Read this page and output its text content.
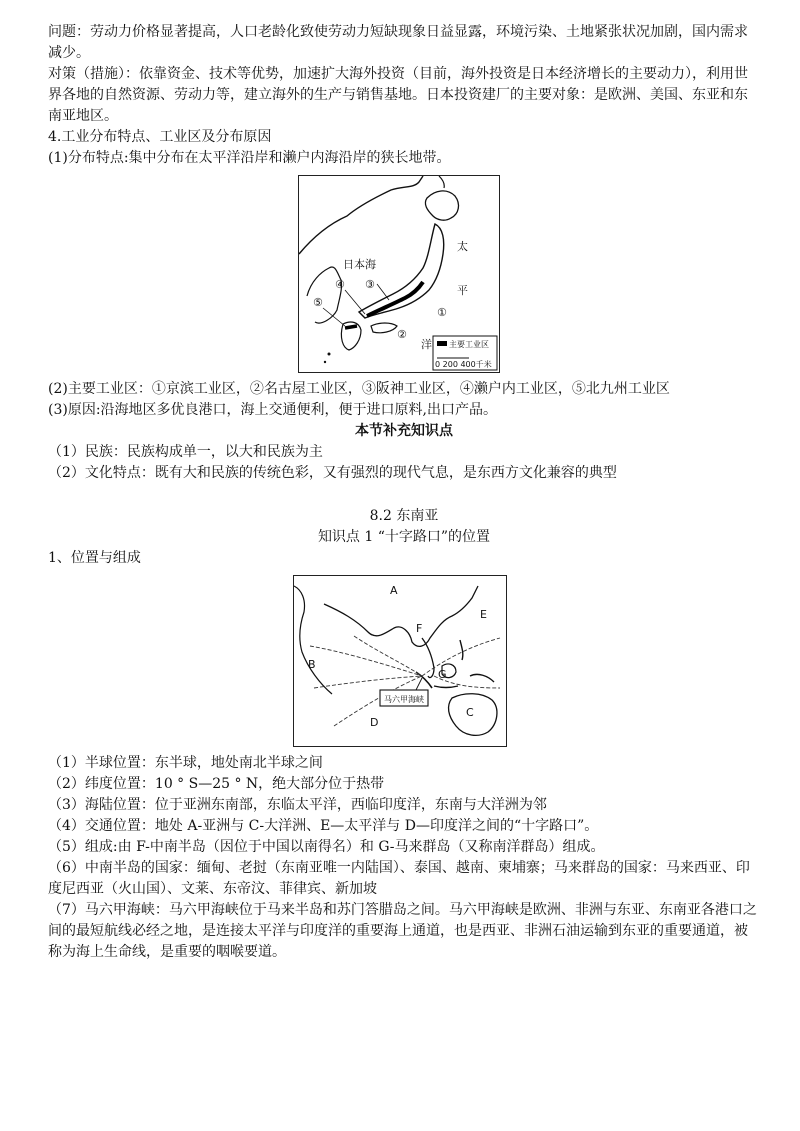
问题：劳动力价格显著提高，人口老龄化致使劳动力短缺现象日益显露，环境污染、土地紧张状况加剧，国内需求减少。

对策（措施）：依靠资金、技术等优势，加速扩大海外投资（目前，海外投资是日本经济增长的主要动力），利用世界各地的自然资源、劳动力等，建立海外的生产与销售基地。日本投资建厂的主要对象：是欧洲、美国、东亚和东南亚地区。

4.工业分布特点、工业区及分布原因

(1)分布特点:集中分布在太平洋沿岸和濑户内海沿岸的狭长地带。

日本海
太
平
洋
①
②
③
④
⑤
主要工业区
0 200 400千米

(2)主要工业区：①京滨工业区，②名古屋工业区，③阪神工业区，④濑户内工业区，⑤北九州工业区

(3)原因:沿海地区多优良港口，海上交通便利，便于进口原料,出口产品。

本节补充知识点

（1）民族：民族构成单一，以大和民族为主

（2）文化特点：既有大和民族的传统色彩，又有强烈的现代气息，是东西方文化兼容的典型

8.2 东南亚

知识点 1 “十字路口”的位置

1、位置与组成

A
B
C
D
E
F
G
马六甲海峡

（1）半球位置：东半球，地处南北半球之间

（2）纬度位置：10 ° S—25 ° N，绝大部分位于热带

（3）海陆位置：位于亚洲东南部，东临太平洋，西临印度洋，东南与大洋洲为邻

（4）交通位置：地处 A-亚洲与 C-大洋洲、E—太平洋与 D—印度洋之间的“十字路口”。

（5）组成:由 F-中南半岛（因位于中国以南得名）和 G-马来群岛（又称南洋群岛）组成。

（6）中南半岛的国家：缅甸、老挝（东南亚唯一内陆国）、泰国、越南、柬埔寨；马来群岛的国家：马来西亚、印度尼西亚（火山国）、文莱、东帝汶、菲律宾、新加坡

（7）马六甲海峡：马六甲海峡位于马来半岛和苏门答腊岛之间。马六甲海峡是欧洲、非洲与东亚、东南亚各港口之间的最短航线必经之地，是连接太平洋与印度洋的重要海上通道，也是西亚、非洲石油运输到东亚的重要通道，被称为海上生命线，是重要的咽喉要道。
